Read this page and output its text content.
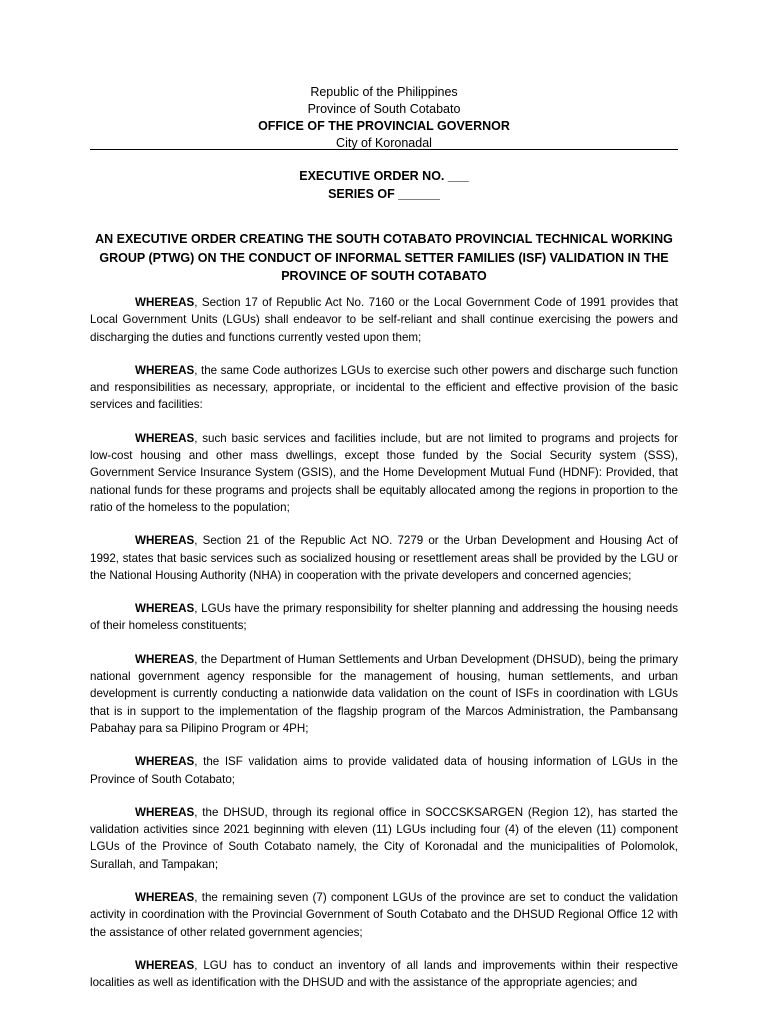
Republic of the Philippines
Province of South Cotabato
OFFICE OF THE PROVINCIAL GOVERNOR
City of Koronadal
EXECUTIVE ORDER NO. ___
SERIES OF ______
AN EXECUTIVE ORDER CREATING THE SOUTH COTABATO PROVINCIAL TECHNICAL WORKING GROUP (PTWG) ON THE CONDUCT OF INFORMAL SETTER FAMILIES (ISF) VALIDATION IN THE PROVINCE OF SOUTH COTABATO

WHEREAS, Section 17 of Republic Act No. 7160 or the Local Government Code of 1991 provides that Local Government Units (LGUs) shall endeavor to be self-reliant and shall continue exercising the powers and discharging the duties and functions currently vested upon them;

WHEREAS, the same Code authorizes LGUs to exercise such other powers and discharge such function and responsibilities as necessary, appropriate, or incidental to the efficient and effective provision of the basic services and facilities:

WHEREAS, such basic services and facilities include, but are not limited to programs and projects for low-cost housing and other mass dwellings, except those funded by the Social Security system (SSS), Government Service Insurance System (GSIS), and the Home Development Mutual Fund (HDNF): Provided, that national funds for these programs and projects shall be equitably allocated among the regions in proportion to the ratio of the homeless to the population;

WHEREAS, Section 21 of the Republic Act NO. 7279 or the Urban Development and Housing Act of 1992, states that basic services such as socialized housing or resettlement areas shall be provided by the LGU or the National Housing Authority (NHA) in cooperation with the private developers and concerned agencies;

WHEREAS, LGUs have the primary responsibility for shelter planning and addressing the housing needs of their homeless constituents;

WHEREAS, the Department of Human Settlements and Urban Development (DHSUD), being the primary national government agency responsible for the management of housing, human settlements, and urban development is currently conducting a nationwide data validation on the count of ISFs in coordination with LGUs that is in support to the implementation of the flagship program of the Marcos Administration, the Pambansang Pabahay para sa Pilipino Program or 4PH;

WHEREAS, the ISF validation aims to provide validated data of housing information of LGUs in the Province of South Cotabato;

WHEREAS, the DHSUD, through its regional office in SOCCSKSARGEN (Region 12), has started the validation activities since 2021 beginning with eleven (11) LGUs including four (4) of the eleven (11) component LGUs of the Province of South Cotabato namely, the City of Koronadal and the municipalities of Polomolok, Surallah, and Tampakan;

WHEREAS, the remaining seven (7) component LGUs of the province are set to conduct the validation activity in coordination with the Provincial Government of South Cotabato and the DHSUD Regional Office 12 with the assistance of other related government agencies;

WHEREAS, LGU has to conduct an inventory of all lands and improvements within their respective localities as well as identification with the DHSUD and with the assistance of the appropriate agencies; and
